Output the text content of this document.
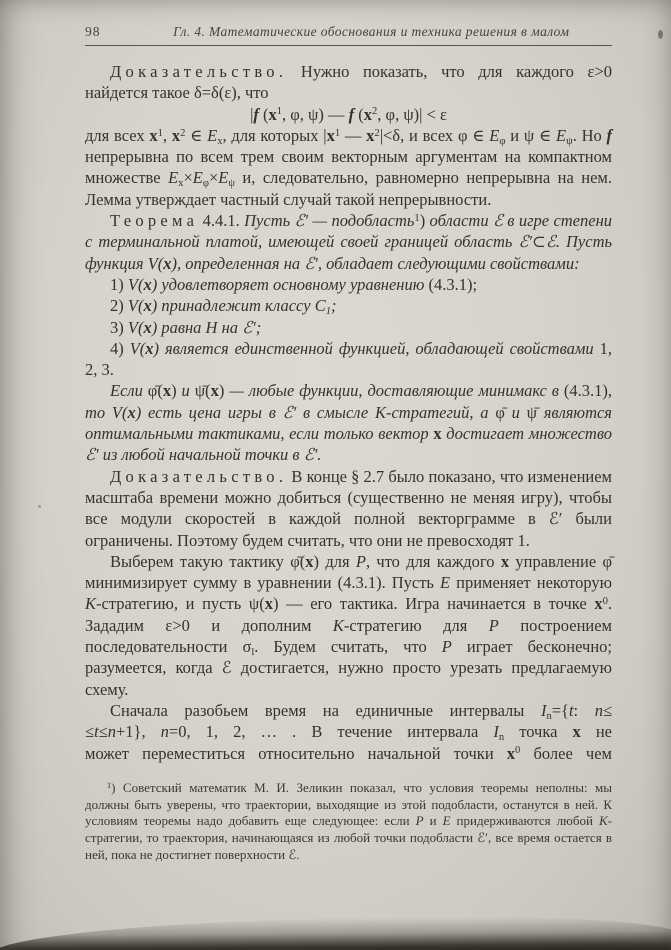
98	Гл. 4. Математические обоснования и техника решения в малом

Доказательство. Нужно показать, что для каждого ε>0 найдется такое δ=δ(ε), что

|f ($x^1$, φ, ψ) — f ($x^2$, φ, ψ)| < ε

для всех $x^1$, $x^2$ ∈ $E_x$, для которых $|x^1$ — $x^2|<\delta$, и всех φ ∈ $E_\varphi$ и ψ ∈ $E_\psi$. Но f непрерывна по всем трем своим векторным аргументам на компактном множестве $E_x\times E_\varphi\times E_\psi$ и, следовательно, равномерно непрерывна на нем. Лемма утверждает частный случай такой непрерывности.

Теорема 4.4.1. Пусть ℰ′ — подобласть$^1$) области ℰ в игре степени с терминальной платой, имеющей своей границей область ℰ′⊂ℰ. Пусть функция V(x), определенная на ℰ′, обладает следующими свойствами:

1) V(x) удовлетворяет основному уравнению (4.3.1);

2) V(x) принадлежит классу $C_1$;

3) V(x) равна H на ℰ′;

4) V(x) является единственной функцией, обладающей свойствами 1, 2, 3.

Если φ̄(x) и ψ̄(x) — любые функции, доставляющие минимакс в (4.3.1), то V(x) есть цена игры в ℰ′ в смысле K-стратегий, а φ̄ и ψ̄ являются оптимальными тактиками, если только вектор x достигает множество ℰ′ из любой начальной точки в ℰ′.

Доказательство. В конце § 2.7 было показано, что изменением масштаба времени можно добиться (существенно не меняя игру), чтобы все модули скоростей в каждой полной векторграмме в ℰ′ были ограничены. Поэтому будем считать, что они не превосходят 1.

Выберем такую тактику φ̄(x) для P, что для каждого x управление φ̄ минимизирует сумму в уравнении (4.3.1). Пусть E применяет некоторую K-стратегию, и пусть ψ(x) — его тактика. Игра начинается в точке $x^0$. Зададим ε>0 и дополним K-стратегию для P построением последовательности $\sigma_l$. Будем считать, что P играет бесконечно; разумеется, когда ℰ достигается, нужно просто урезать предлагаемую схему.

Сначала разобьем время на единичные интервалы $I_n=\{t$: n≤
≤t≤n+1}, n=0, 1, 2, … . В течение интервала $I_n$ точка x не
может переместиться относительно начальной точки $x^0$ более чем

$^1$) Советский математик М. И. Зеликин показал, что условия теоремы неполны: мы должны быть уверены, что траектории, выходящие из этой подобласти, останутся в ней. К условиям теоремы надо добавить еще следующее: если P и E придерживаются любой K-стратегии, то траектория, начинающаяся из любой точки подобласти ℰ′, все время остается в ней, пока не достигнет поверхности ℰ.
